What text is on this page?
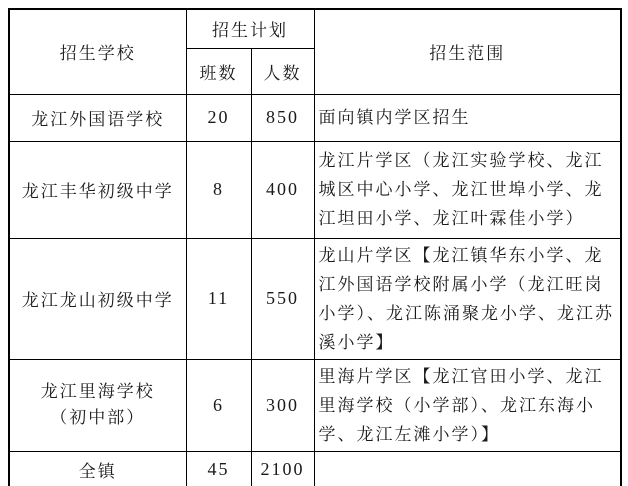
招生学校	招生计划		招生范围
	班数	人数	
龙江外国语学校	20	850	面向镇内学区招生
龙江丰华初级中学	8	400	龙江片学区（龙江实验学校、龙江城区中心小学、龙江世埠小学、龙江坦田小学、龙江叶霖佳小学）
龙江龙山初级中学	11	550	龙山片学区【龙江镇华东小学、龙江外国语学校附属小学（龙江旺岗小学）、龙江陈涌聚龙小学、龙江苏溪小学】

龙江里海学校
（初中部）	6	300	里海片学区【龙江官田小学、龙江里海学校（小学部）、龙江东海小学、龙江左滩小学）】
全镇	45	2100	
